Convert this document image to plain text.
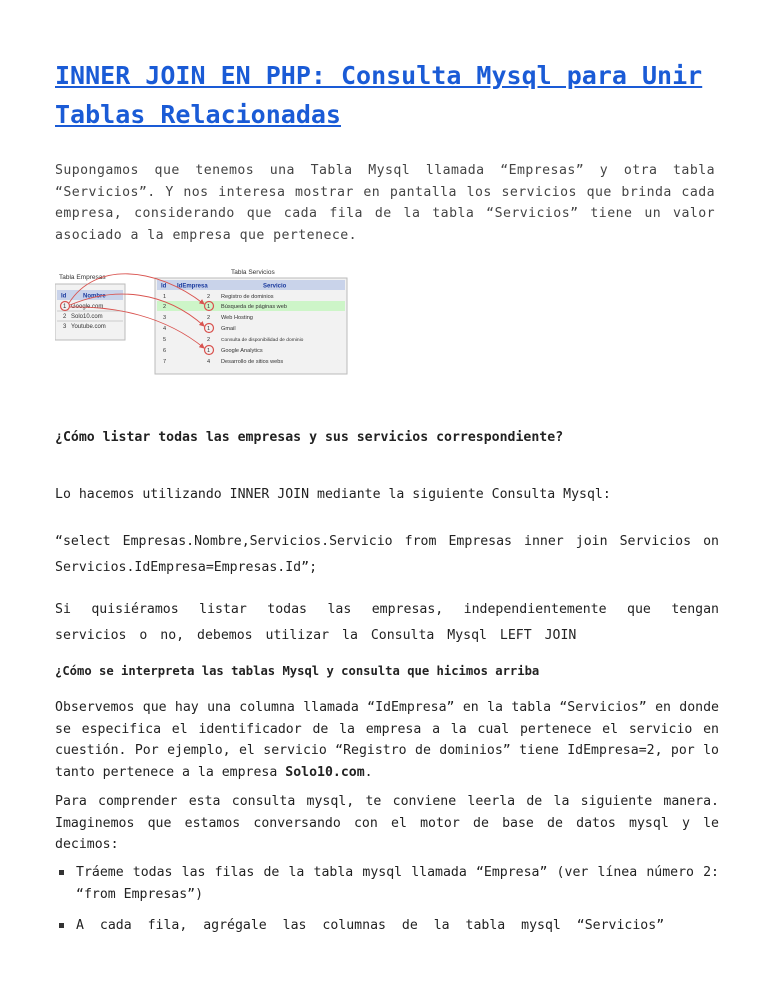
INNER JOIN EN PHP: Consulta Mysql para Unir Tablas Relacionadas

Supongamos que tenemos una Tabla Mysql llamada “Empresas” y otra tabla “Servicios”. Y nos interesa mostrar en pantalla los servicios que brinda cada empresa, considerando que cada fila de la tabla “Servicios” tiene un valor asociado a la empresa que pertenece.

Tabla Empresas
Tabla Servicios
Id	Nombre
1 Google.com
2 Solo10.com
3 Youtube.com
Id IdEmpresa	Servicio
1	2 Registro de dominios
2	1 Búsqueda de páginas web
3	2 Web Hosting
4	1 Gmail
5	2 Consulta de disponibilidad de dominio
6	1 Google Analytics
7	4 Desarrollo de sitios webs

¿Cómo listar todas las empresas y sus servicios correspondiente?

Lo hacemos utilizando INNER JOIN mediante la siguiente Consulta Mysql:

“select Empresas.Nombre,Servicios.Servicio from Empresas inner join Servicios on Servicios.IdEmpresa=Empresas.Id”;

Si quisiéramos listar todas las empresas, independientemente que tengan servicios o no, debemos utilizar la Consulta Mysql LEFT JOIN

¿Cómo se interpreta las tablas Mysql y consulta que hicimos arriba

Observemos que hay una columna llamada “IdEmpresa” en la tabla “Servicios” en donde se especifica el identificador de la empresa a la cual pertenece el servicio en cuestión. Por ejemplo, el servicio “Registro de dominios” tiene IdEmpresa=2, por lo tanto pertenece a la empresa Solo10.com.

Para comprender esta consulta mysql, te conviene leerla de la siguiente manera. Imaginemos que estamos conversando con el motor de base de datos mysql y le decimos:

Tráeme todas las filas de la tabla mysql llamada “Empresa” (ver línea número 2: “from Empresas”)
A cada fila, agrégale las columnas de la tabla mysql “Servicios”
